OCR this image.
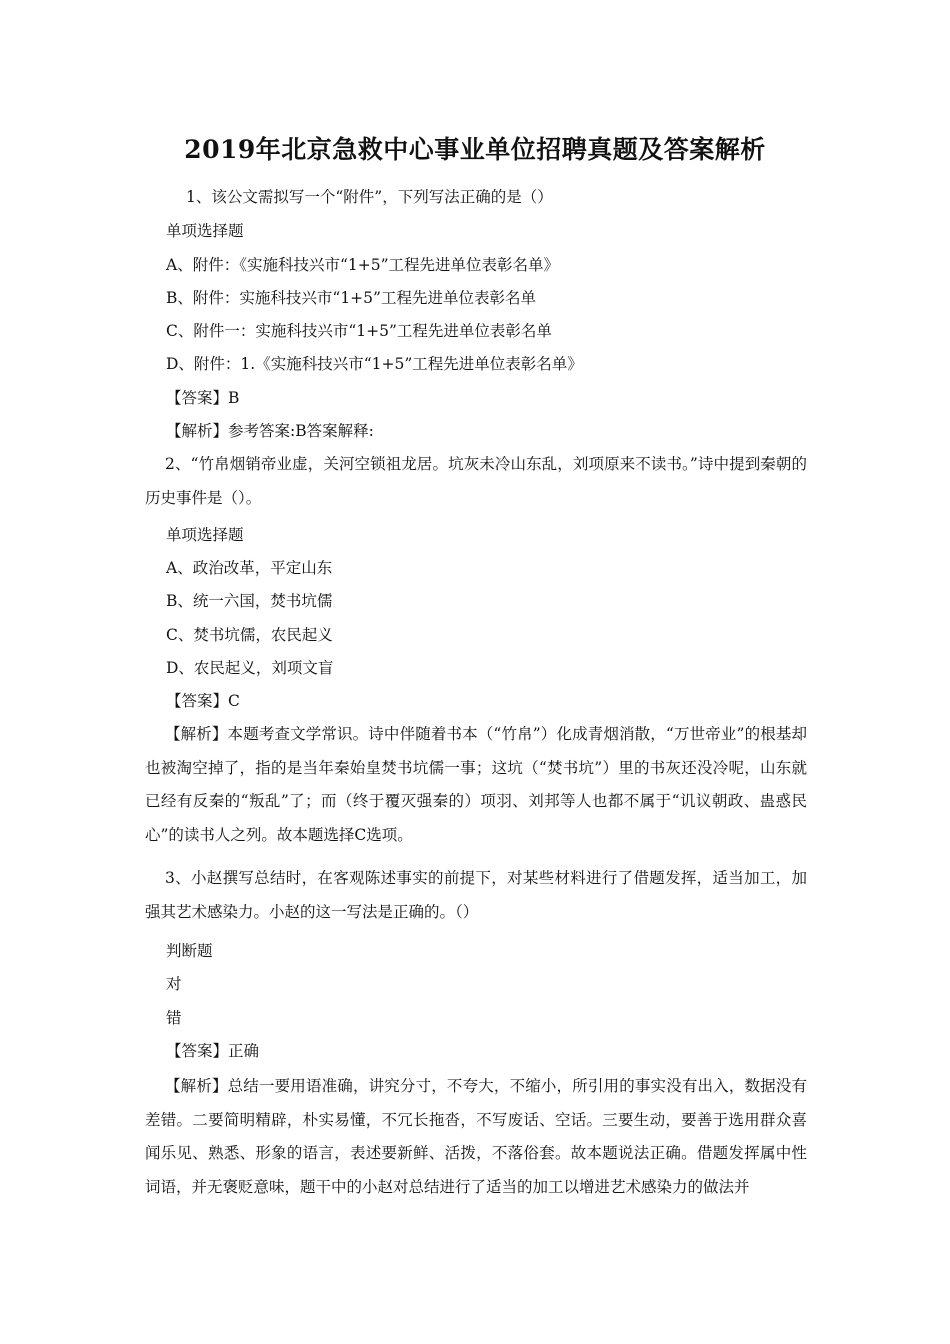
2019年北京急救中心事业单位招聘真题及答案解析
1、该公文需拟写一个“附件”，下列写法正确的是（）
单项选择题
A、附件：《实施科技兴市“1+5”工程先进单位表彰名单》
B、附件：实施科技兴市“1+5”工程先进单位表彰名单
C、附件一：实施科技兴市“1+5”工程先进单位表彰名单
D、附件：1.《实施科技兴市“1+5”工程先进单位表彰名单》
【答案】B
【解析】参考答案:B答案解释:
2、“竹帛烟销帝业虚，关河空锁祖龙居。坑灰未冷山东乱，刘项原来不读书。”诗中提到秦朝的历史事件是（）。
单项选择题
A、政治改革，平定山东
B、统一六国，焚书坑儒
C、焚书坑儒，农民起义
D、农民起义，刘项文盲
【答案】C
【解析】本题考查文学常识。诗中伴随着书本（“竹帛”）化成青烟消散，“万世帝业”的根基却也被淘空掉了，指的是当年秦始皇焚书坑儒一事；这坑（“焚书坑”）里的书灰还没冷呢，山东就已经有反秦的“叛乱”了；而（终于覆灭强秦的）项羽、刘邦等人也都不属于“讥议朝政、蛊惑民心”的读书人之列。故本题选择C选项。
3、小赵撰写总结时，在客观陈述事实的前提下，对某些材料进行了借题发挥，适当加工，加强其艺术感染力。小赵的这一写法是正确的。（）
判断题
对
错
【答案】正确
【解析】总结一要用语准确，讲究分寸，不夸大，不缩小，所引用的事实没有出入，数据没有差错。二要简明精辟，朴实易懂，不冗长拖沓，不写废话、空话。三要生动，要善于选用群众喜闻乐见、熟悉、形象的语言，表述要新鲜、活拨，不落俗套。故本题说法正确。借题发挥属中性词语，并无褒贬意味，题干中的小赵对总结进行了适当的加工以增进艺术感染力的做法并
